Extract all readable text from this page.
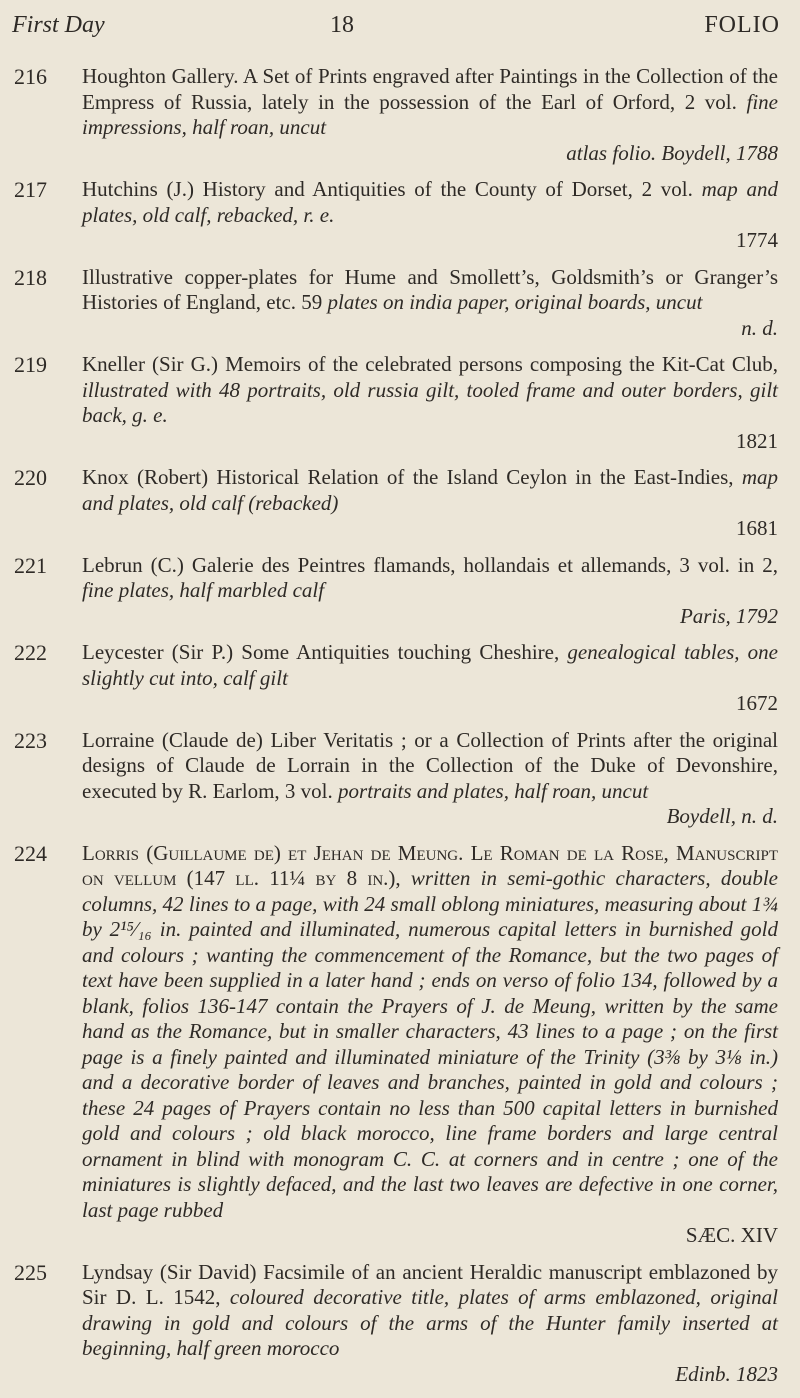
First Day	18	FOLIO
216	Houghton Gallery. A Set of Prints engraved after Paintings in the Collection of the Empress of Russia, lately in the possession of the Earl of Orford, 2 vol. fine impressions, half roan, uncut
atlas folio. Boydell, 1788
217	Hutchins (J.) History and Antiquities of the County of Dorset, 2 vol. map and plates, old calf, rebacked, r. e.
1774
218	Illustrative copper-plates for Hume and Smollett’s, Goldsmith’s or Granger’s Histories of England, etc. 59 plates on india paper, original boards, uncut
n. d.
219	Kneller (Sir G.) Memoirs of the celebrated persons composing the Kit-Cat Club, illustrated with 48 portraits, old russia gilt, tooled frame and outer borders, gilt back, g. e.
1821
220	Knox (Robert) Historical Relation of the Island Ceylon in the East-Indies, map and plates, old calf (rebacked)
1681
221	Lebrun (C.) Galerie des Peintres flamands, hollandais et allemands, 3 vol. in 2, fine plates, half marbled calf
Paris, 1792
222	Leycester (Sir P.) Some Antiquities touching Cheshire, genealogical tables, one slightly cut into, calf gilt
1672
223	Lorraine (Claude de) Liber Veritatis ; or a Collection of Prints after the original designs of Claude de Lorrain in the Collection of the Duke of Devonshire, executed by R. Earlom, 3 vol. portraits and plates, half roan, uncut
Boydell, n. d.
224	Lorris (Guillaume de) et Jehan de Meung. Le Roman de la Rose, Manuscript on vellum (147 ll. 11¼ by 8 in.), written in semi-gothic characters, double columns, 42 lines to a page, with 24 small oblong miniatures, measuring about 1¾ by 2¹⁵⁄₁₆ in. painted and illuminated, numerous capital letters in burnished gold and colours ; wanting the commencement of the Romance, but the two pages of text have been supplied in a later hand ; ends on verso of folio 134, followed by a blank, folios 136-147 contain the Prayers of J. de Meung, written by the same hand as the Romance, but in smaller characters, 43 lines to a page ; on the first page is a finely painted and illuminated miniature of the Trinity (3⅜ by 3⅛ in.) and a decorative border of leaves and branches, painted in gold and colours ; these 24 pages of Prayers contain no less than 500 capital letters in burnished gold and colours ; old black morocco, line frame borders and large central ornament in blind with monogram C. C. at corners and in centre ; one of the miniatures is slightly defaced, and the last two leaves are defective in one corner, last page rubbed
SÆC. XIV
225	Lyndsay (Sir David) Facsimile of an ancient Heraldic manuscript emblazoned by Sir D. L. 1542, coloured decorative title, plates of arms emblazoned, original drawing in gold and colours of the arms of the Hunter family inserted at beginning, half green morocco
Edinb. 1823
